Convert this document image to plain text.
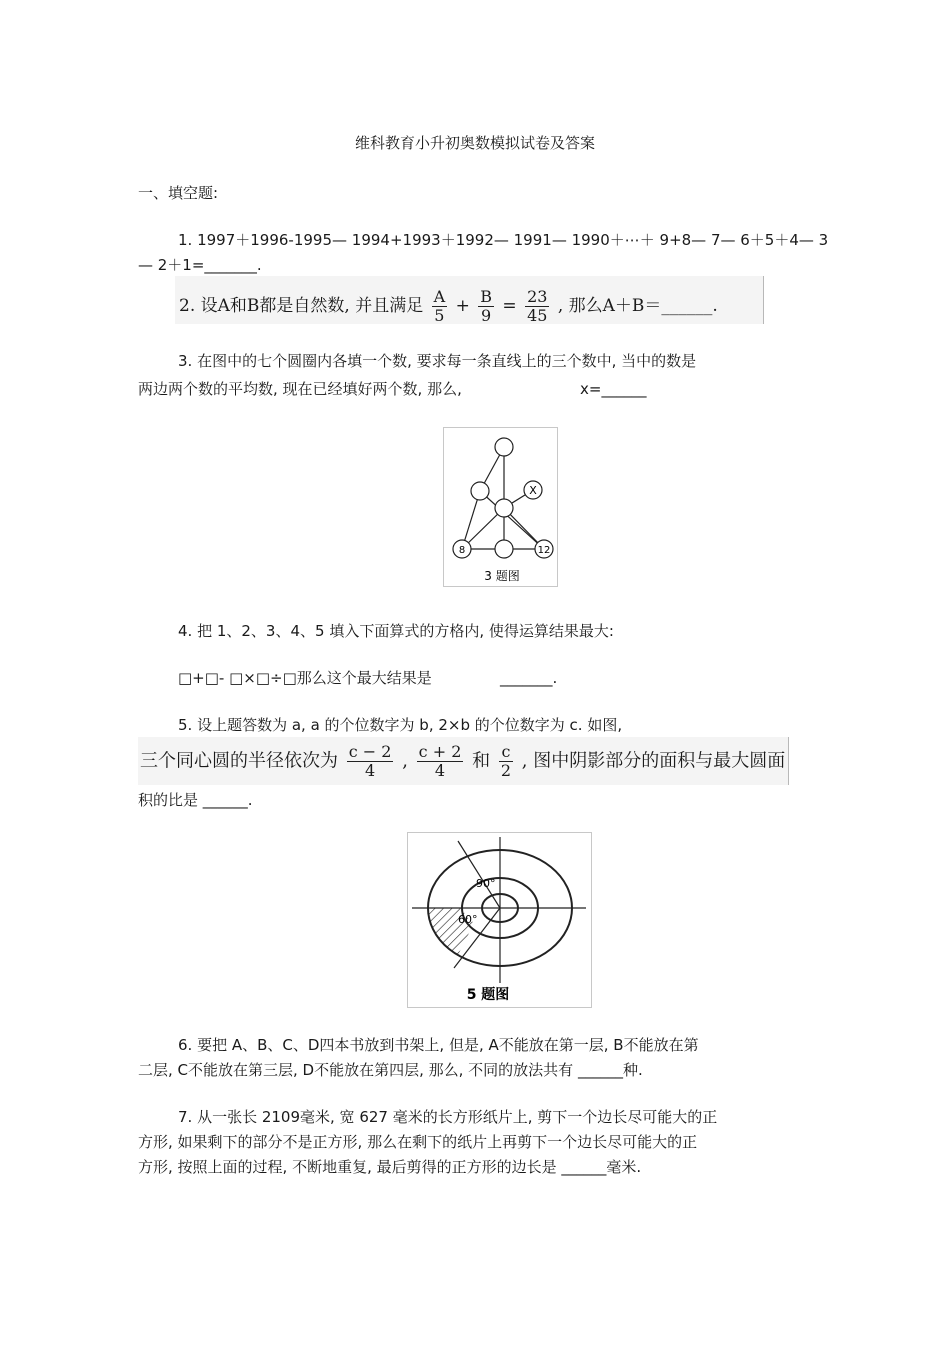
维科教育小升初奥数模拟试卷及答案
一、填空题:
1. 1997＋1996-1995— 1994+1993＋1992— 1991— 1990＋⋯＋ 9+8— 7— 6＋5＋4— 3
— 2＋1=_______.
2. 设A和B都是自然数, 并且满足 $\frac{A}{5} + \frac{B}{9} = \frac{23}{45}$ , 那么A＋B＝______.
3. 在图中的七个圆圈内各填一个数, 要求每一条直线上的三个数中, 当中的数是
两边两个数的平均数, 现在已经填好两个数, 那么,	x=______
X
8	12
3 题图
4. 把 1、2、3、4、5 填入下面算式的方格内, 使得运算结果最大:
□+□- □×□÷□那么这个最大结果是	_______.
5. 设上题答数为 a, a 的个位数字为 b, 2×b 的个位数字为 c. 如图,
三个同心圆的半径依次为 $\frac{c - 2}{4}$ , $\frac{c + 2}{4}$ 和 $\frac{c}{2}$ , 图中阴影部分的面积与最大圆面
积的比是 ______.
90°
60°
5 题图
6. 要把 A、B、C、D四本书放到书架上, 但是, A不能放在第一层, B不能放在第
二层, C不能放在第三层, D不能放在第四层, 那么, 不同的放法共有 ______种.
7. 从一张长 2109毫米, 宽 627 毫米的长方形纸片上, 剪下一个边长尽可能大的正
方形, 如果剩下的部分不是正方形, 那么在剩下的纸片上再剪下一个边长尽可能大的正
方形, 按照上面的过程, 不断地重复, 最后剪得的正方形的边长是 ______毫米.
